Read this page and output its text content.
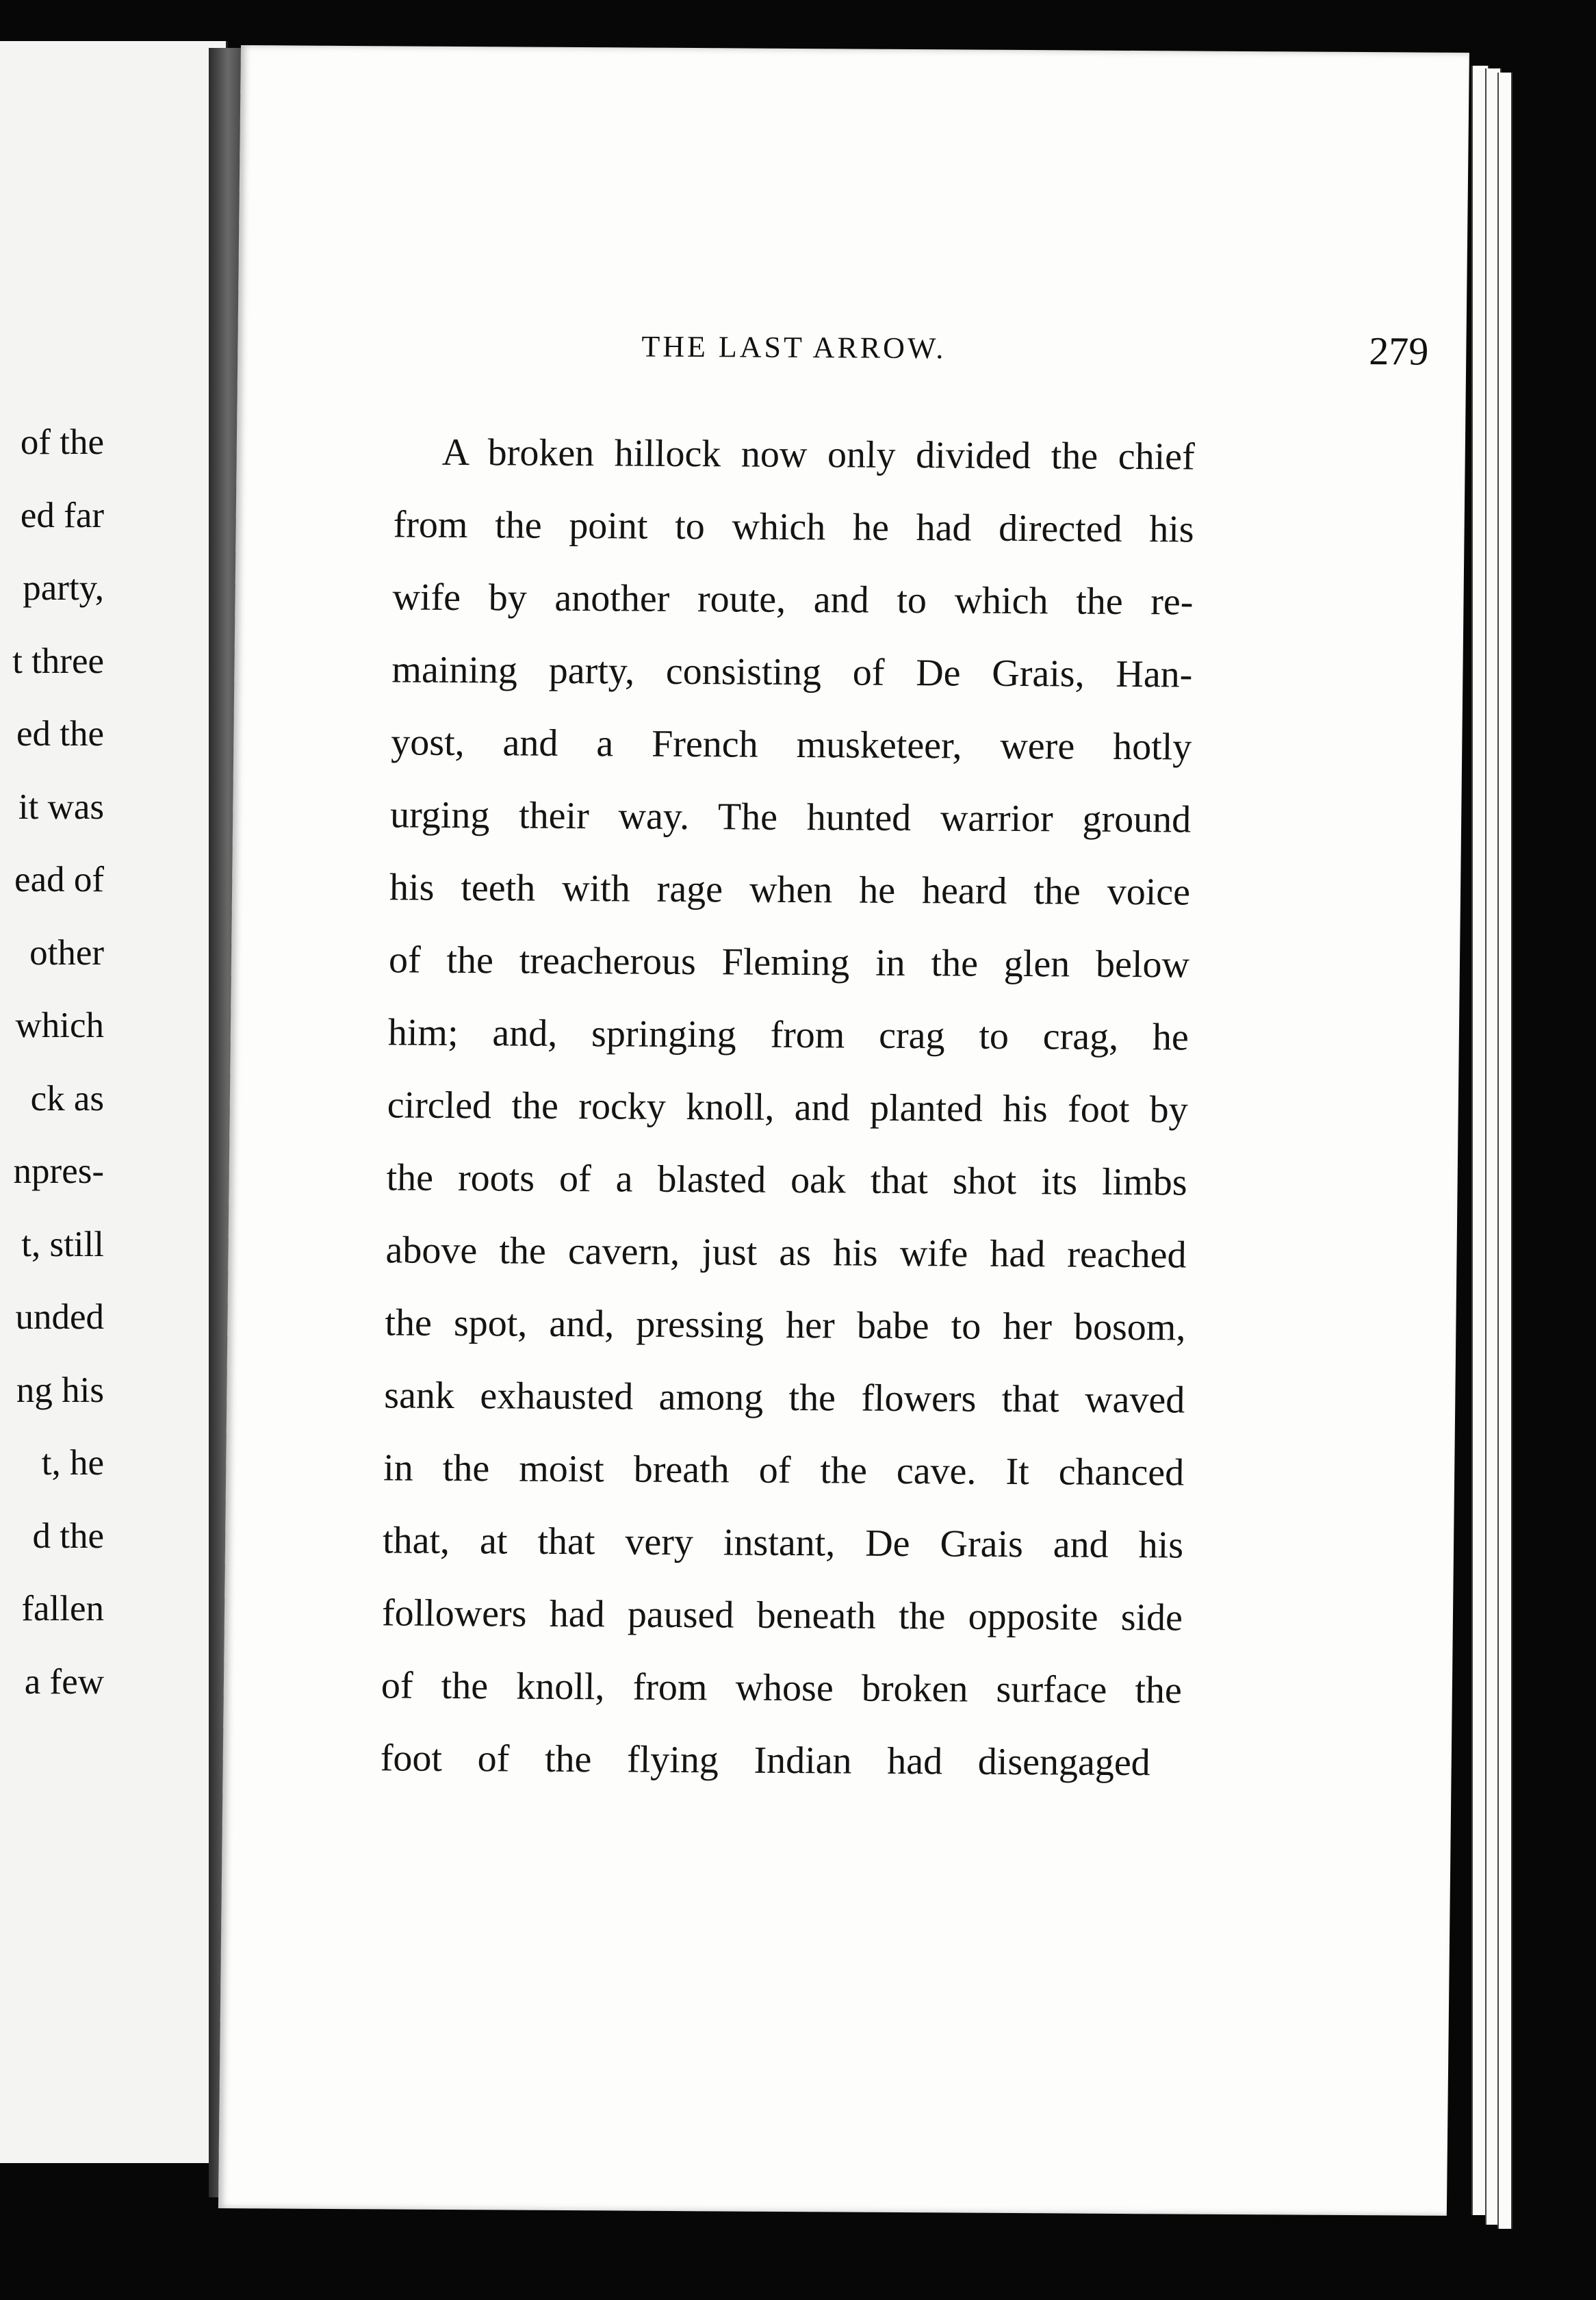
of the
ed far
party,
t three
ed the
it was
ead of
other
which
ck as
npres-
t, still
unded
ng his
t, he
d the
fallen
a few
THE LAST ARROW.	279
A broken hillock now only divided the chief
from the point to which he had directed his
wife by another route, and to which the re-
maining party, consisting of De Grais, Han-
yost, and a French musketeer, were hotly
urging their way. The hunted warrior ground
his teeth with rage when he heard the voice
of the treacherous Fleming in the glen below
him; and, springing from crag to crag, he
circled the rocky knoll, and planted his foot by
the roots of a blasted oak that shot its limbs
above the cavern, just as his wife had reached
the spot, and, pressing her babe to her bosom,
sank exhausted among the flowers that waved
in the moist breath of the cave. It chanced
that, at that very instant, De Grais and his
followers had paused beneath the opposite side
of the knoll, from whose broken surface the
foot of the flying Indian had disengaged
